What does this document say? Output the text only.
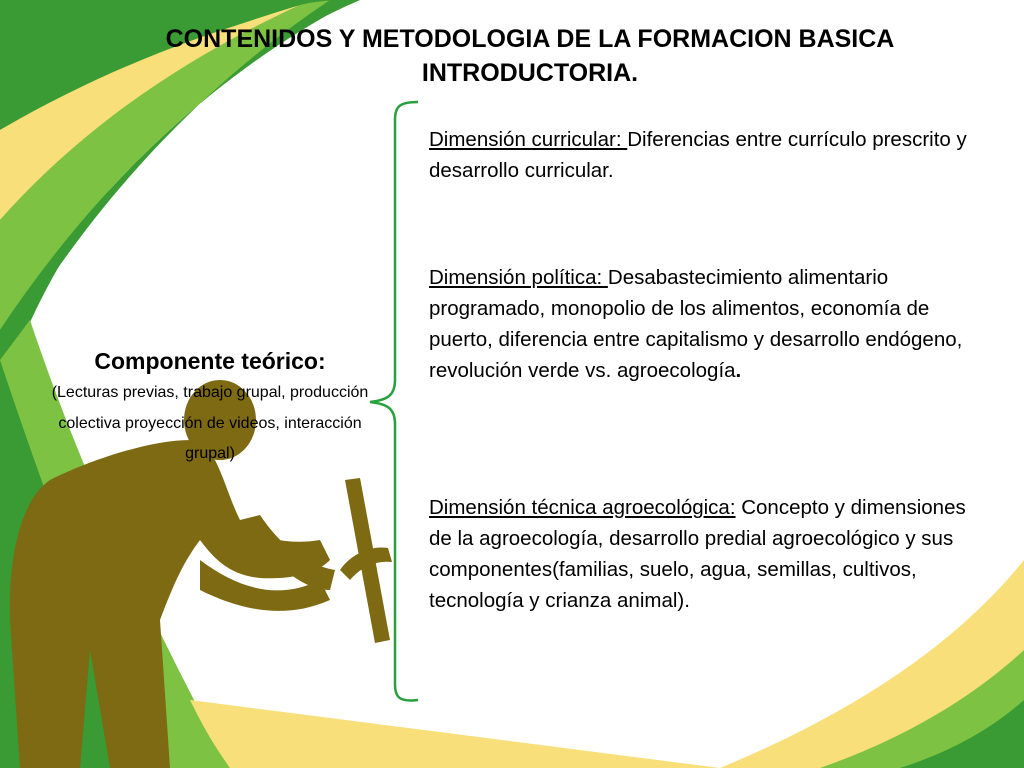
CONTENIDOS Y METODOLOGIA DE LA FORMACION BASICA
INTRODUCTORIA.
Componente teórico:
(Lecturas previas, trabajo grupal, producción colectiva proyección de videos, interacción grupal)
Dimensión curricular: Diferencias entre currículo prescrito y desarrollo curricular.
Dimensión política: Desabastecimiento alimentario programado, monopolio de los alimentos, economía de puerto, diferencia entre capitalismo y desarrollo endógeno, revolución verde vs. agroecología.
Dimensión técnica agroecológica: Concepto y dimensiones de la agroecología, desarrollo predial agroecológico y sus componentes(familias, suelo, agua, semillas, cultivos, tecnología y crianza animal).
